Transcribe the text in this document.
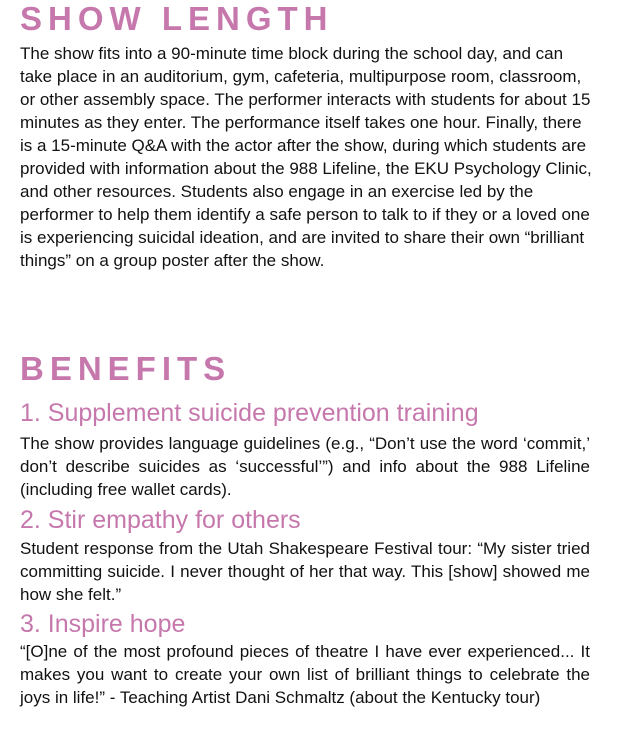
SHOW LENGTH

The show fits into a 90-minute time block during the school day, and can take place in an auditorium, gym, cafeteria, multipurpose room, classroom, or other assembly space. The performer interacts with students for about 15 minutes as they enter. The performance itself takes one hour. Finally, there is a 15-minute Q&A with the actor after the show, during which students are provided with information about the 988 Lifeline, the EKU Psychology Clinic, and other resources. Students also engage in an exercise led by the performer to help them identify a safe person to talk to if they or a loved one is experiencing suicidal ideation, and are invited to share their own “brilliant things” on a group poster after the show.

BENEFITS
1. Supplement suicide prevention training

The show provides language guidelines (e.g., “Don’t use the word ‘commit,’ don’t describe suicides as ‘successful’”) and info about the 988 Lifeline (including free wallet cards).

2. Stir empathy for others

Student response from the Utah Shakespeare Festival tour: “My sister tried committing suicide. I never thought of her that way. This [show] showed me how she felt.”

3. Inspire hope

“[O]ne of the most profound pieces of theatre I have ever experienced... It makes you want to create your own list of brilliant things to celebrate the joys in life!” - Teaching Artist Dani Schmaltz (about the Kentucky tour)
